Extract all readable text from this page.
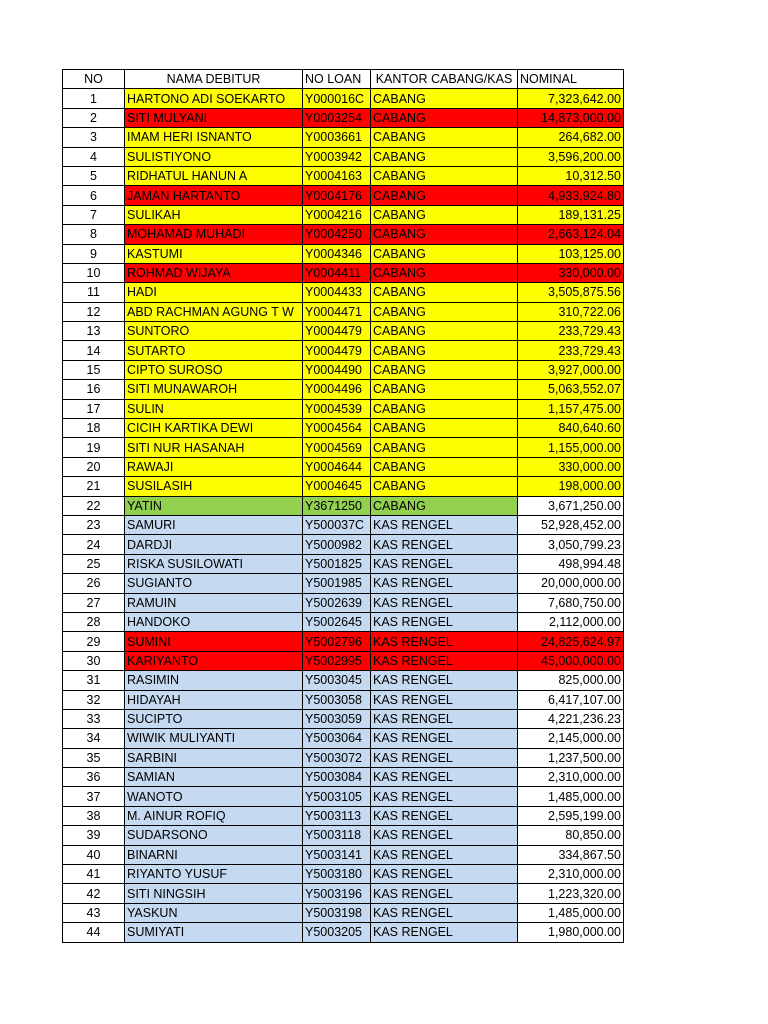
NO	NAMA DEBITUR	NO LOAN	KANTOR CABANG/KAS	NOMINAL
1	HARTONO ADI SOEKARTO	Y000016C	CABANG	7,323,642.00
2	SITI MULYANI	Y0003254	CABANG	14,873,000.00
3	IMAM HERI ISNANTO	Y0003661	CABANG	264,682.00
4	SULISTIYONO	Y0003942	CABANG	3,596,200.00
5	RIDHATUL HANUN A	Y0004163	CABANG	10,312.50
6	JAMAN HARTANTO	Y0004176	CABANG	4,933,924.80
7	SULIKAH	Y0004216	CABANG	189,131.25
8	MOHAMAD MUHADI	Y0004250	CABANG	2,663,124.04
9	KASTUMI	Y0004346	CABANG	103,125.00
10	ROHMAD WIJAYA	Y0004411	CABANG	330,000.00
11	HADI	Y0004433	CABANG	3,505,875.56
12	ABD RACHMAN AGUNG T W	Y0004471	CABANG	310,722.06
13	SUNTORO	Y0004479	CABANG	233,729.43
14	SUTARTO	Y0004479	CABANG	233,729.43
15	CIPTO SUROSO	Y0004490	CABANG	3,927,000.00
16	SITI MUNAWAROH	Y0004496	CABANG	5,063,552.07
17	SULIN	Y0004539	CABANG	1,157,475.00
18	CICIH KARTIKA DEWI	Y0004564	CABANG	840,640.60
19	SITI NUR HASANAH	Y0004569	CABANG	1,155,000.00
20	RAWAJI	Y0004644	CABANG	330,000.00
21	SUSILASIH	Y0004645	CABANG	198,000.00
22	YATIN	Y3671250	CABANG	3,671,250.00
23	SAMURI	Y500037C	KAS RENGEL	52,928,452.00
24	DARDJI	Y5000982	KAS RENGEL	3,050,799.23
25	RISKA SUSILOWATI	Y5001825	KAS RENGEL	498,994.48
26	SUGIANTO	Y5001985	KAS RENGEL	20,000,000.00
27	RAMUIN	Y5002639	KAS RENGEL	7,680,750.00
28	HANDOKO	Y5002645	KAS RENGEL	2,112,000.00
29	SUMINI	Y5002796	KAS RENGEL	24,825,624.97
30	KARIYANTO	Y5002995	KAS RENGEL	45,000,000.00
31	RASIMIN	Y5003045	KAS RENGEL	825,000.00
32	HIDAYAH	Y5003058	KAS RENGEL	6,417,107.00
33	SUCIPTO	Y5003059	KAS RENGEL	4,221,236.23
34	WIWIK MULIYANTI	Y5003064	KAS RENGEL	2,145,000.00
35	SARBINI	Y5003072	KAS RENGEL	1,237,500.00
36	SAMIAN	Y5003084	KAS RENGEL	2,310,000.00
37	WANOTO	Y5003105	KAS RENGEL	1,485,000.00
38	M. AINUR ROFIQ	Y5003113	KAS RENGEL	2,595,199.00
39	SUDARSONO	Y5003118	KAS RENGEL	80,850.00
40	BINARNI	Y5003141	KAS RENGEL	334,867.50
41	RIYANTO YUSUF	Y5003180	KAS RENGEL	2,310,000.00
42	SITI NINGSIH	Y5003196	KAS RENGEL	1,223,320.00
43	YASKUN	Y5003198	KAS RENGEL	1,485,000.00
44	SUMIYATI	Y5003205	KAS RENGEL	1,980,000.00
